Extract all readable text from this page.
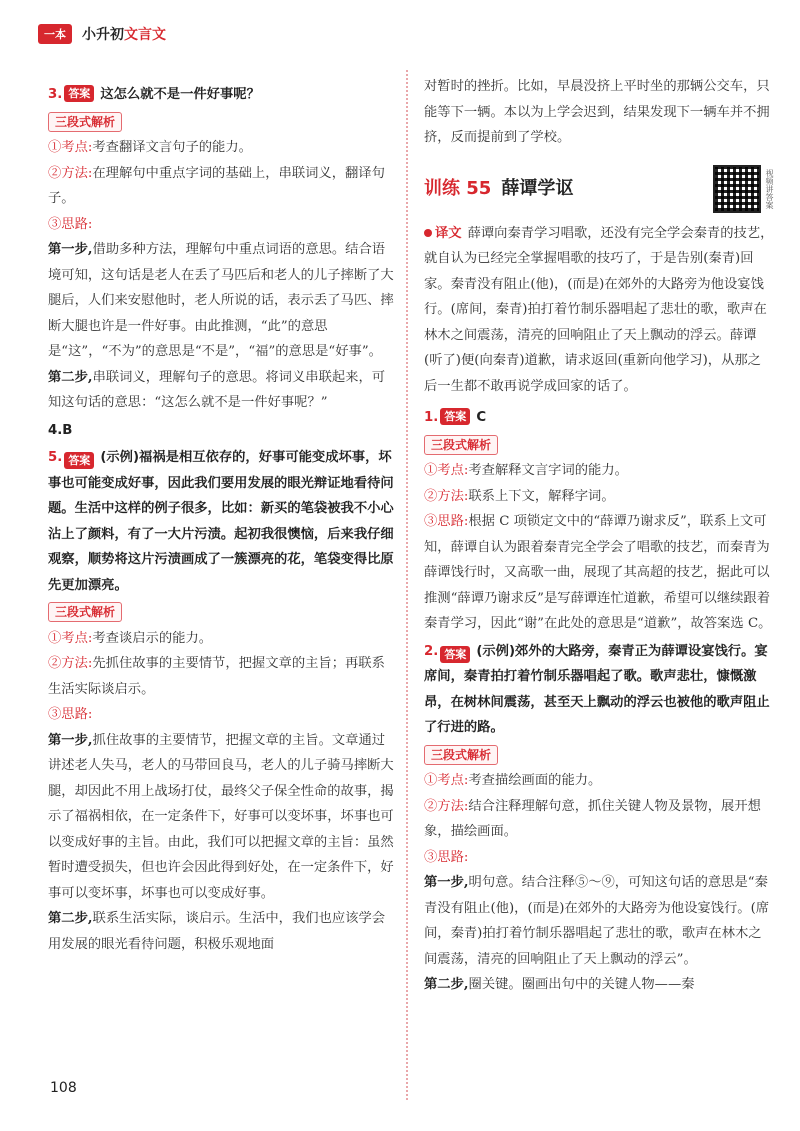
一本	小升初文言文
3. 答案 这怎么就不是一件好事呢？
三段式解析

①考点:考查翻译文言句子的能力。

②方法:在理解句中重点字词的基础上，串联词义，翻译句子。

③思路:

第一步,借助多种方法，理解句中重点词语的意思。结合语境可知，这句话是老人在丢了马匹后和老人的儿子摔断了大腿后，人们来安慰他时，老人所说的话，表示丢了马匹、摔断大腿也许是一件好事。由此推测，“此”的意思是“这”，“不为”的意思是“不是”，“福”的意思是“好事”。

第二步,串联词义，理解句子的意思。将词义串联起来，可知这句话的意思：“这怎么就不是一件好事呢？”

4.B

5. 答案 (示例)福祸是相互依存的，好事可能变成坏事，坏事也可能变成好事，因此我们要用发展的眼光辩证地看待问题。生活中这样的例子很多，比如：新买的笔袋被我不小心沾上了颜料，有了一大片污渍。起初我很懊恼，后来我仔细观察，顺势将这片污渍画成了一簇漂亮的花，笔袋变得比原先更加漂亮。
三段式解析

①考点:考查谈启示的能力。

②方法:先抓住故事的主要情节，把握文章的主旨；再联系生活实际谈启示。

③思路:

第一步,抓住故事的主要情节，把握文章的主旨。文章通过讲述老人失马，老人的马带回良马，老人的儿子骑马摔断大腿，却因此不用上战场打仗，最终父子保全性命的故事，揭示了福祸相依，在一定条件下，好事可以变坏事，坏事也可以变成好事的主旨。由此，我们可以把握文章的主旨：虽然暂时遭受损失，但也许会因此得到好处，在一定条件下，好事可以变坏事，坏事也可以变成好事。

第二步,联系生活实际，谈启示。生活中，我们也应该学会用发展的眼光看待问题，积极乐观地面

对暂时的挫折。比如，早晨没挤上平时坐的那辆公交车，只能等下一辆。本以为上学会迟到，结果发现下一辆车并不拥挤，反而提前到了学校。

训练 55 薛谭学讴	视频讲答案

译文 薛谭向秦青学习唱歌，还没有完全学会秦青的技艺，就自认为已经完全掌握唱歌的技巧了，于是告别(秦青)回家。秦青没有阻止(他)，(而是)在郊外的大路旁为他设宴饯行。(席间，秦青)拍打着竹制乐器唱起了悲壮的歌，歌声在林木之间震荡，清亮的回响阻止了天上飘动的浮云。薛谭(听了)便(向秦青)道歉，请求返回(重新向他学习)，从那之后一生都不敢再说学成回家的话了。

1. 答案 C
三段式解析

①考点:考查解释文言字词的能力。

②方法:联系上下文，解释字词。

③思路:根据 C 项锁定文中的“薛谭乃谢求反”，联系上文可知，薛谭自认为跟着秦青完全学会了唱歌的技艺，而秦青为薛谭饯行时，又高歌一曲，展现了其高超的技艺，据此可以推测“薛谭乃谢求反”是写薛谭连忙道歉，希望可以继续跟着秦青学习，因此“谢”在此处的意思是“道歉”，故答案选 C。

2. 答案 (示例)郊外的大路旁，秦青正为薛谭设宴饯行。宴席间，秦青拍打着竹制乐器唱起了歌。歌声悲壮，慷慨激昂，在树林间震荡，甚至天上飘动的浮云也被他的歌声阻止了行进的路。
三段式解析

①考点:考查描绘画面的能力。

②方法:结合注释理解句意，抓住关键人物及景物，展开想象，描绘画面。

③思路:

第一步,明句意。结合注释⑤～⑨，可知这句话的意思是“秦青没有阻止(他)，(而是)在郊外的大路旁为他设宴饯行。(席间，秦青)拍打着竹制乐器唱起了悲壮的歌，歌声在林木之间震荡，清亮的回响阻止了天上飘动的浮云”。

第二步,圈关键。圈画出句中的关键人物——秦

108
